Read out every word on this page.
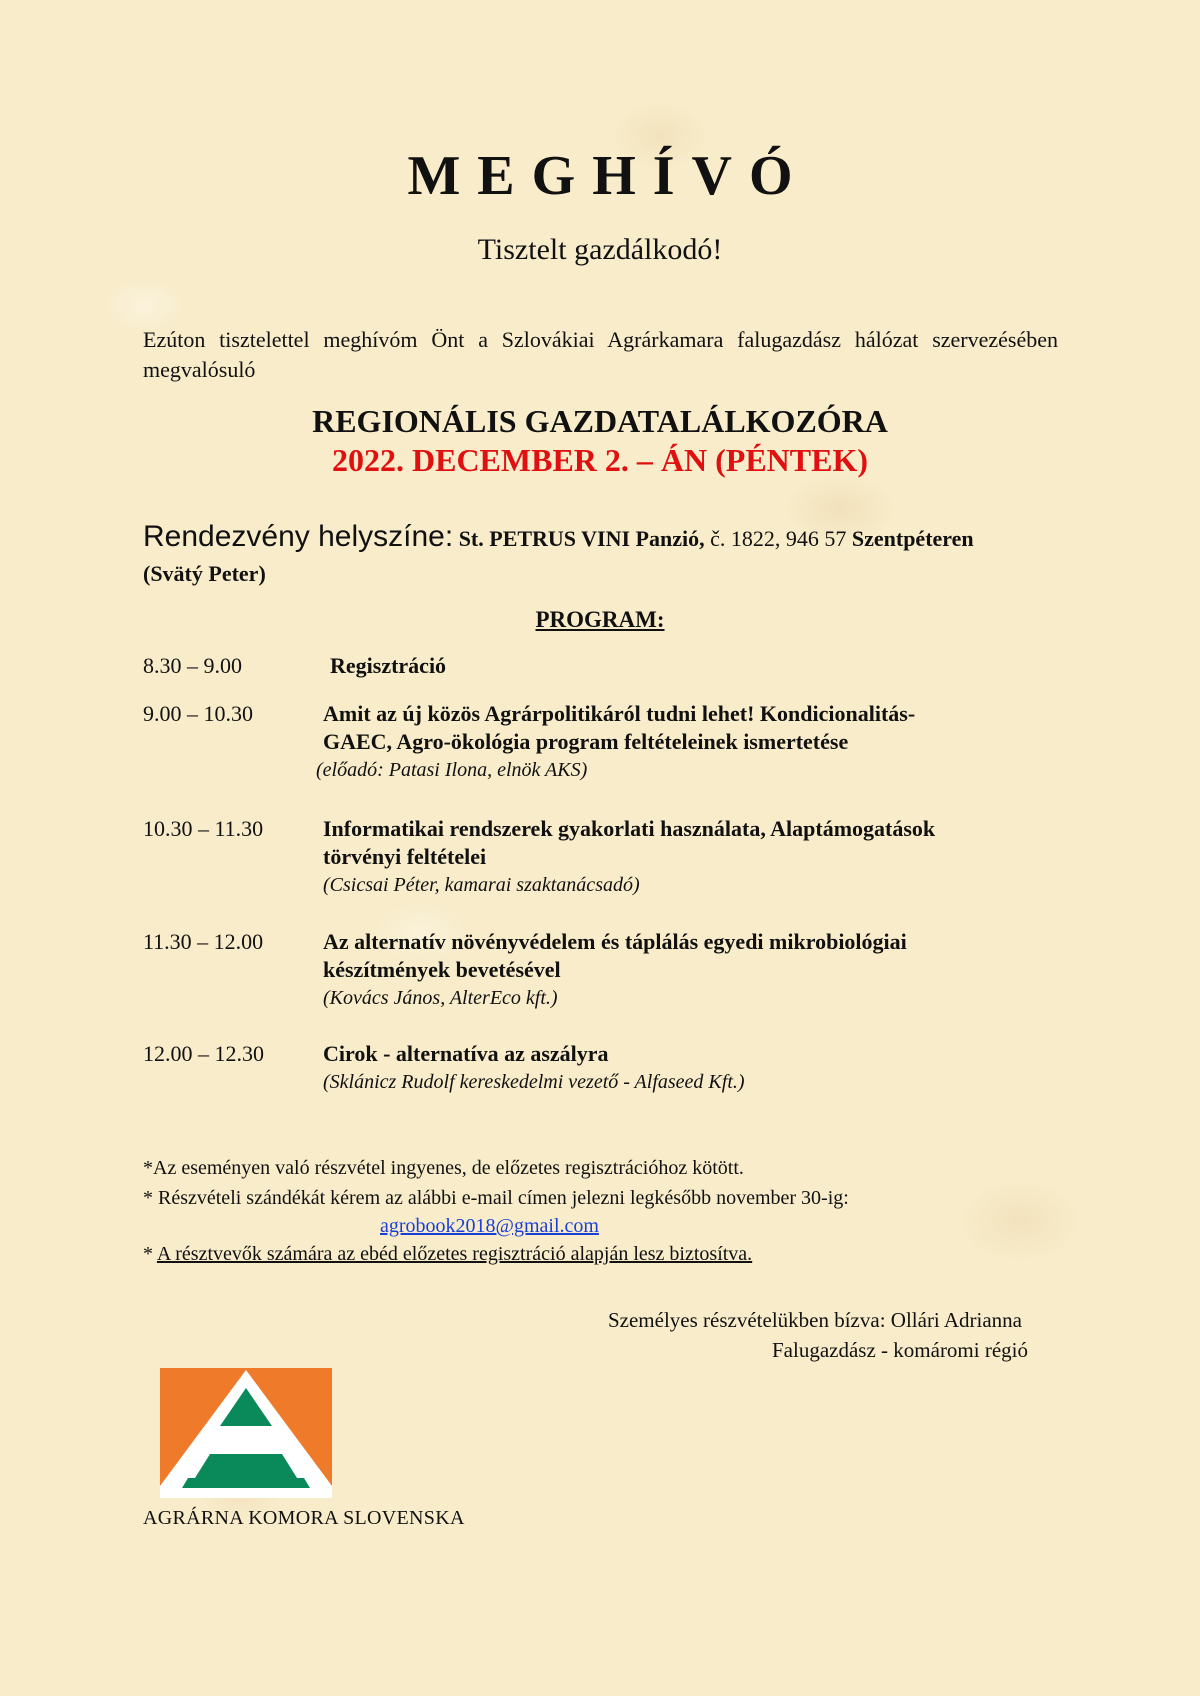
MEGHÍVÓ
Tisztelt gazdálkodó!
Ezúton tisztelettel meghívóm Önt a Szlovákiai Agrárkamara falugazdász hálózat szervezésében megvalósuló
REGIONÁLIS GAZDATALÁLKOZÓRA
2022. DECEMBER 2. – ÁN (PÉNTEK)
Rendezvény helyszíne: St. PETRUS VINI Panzió, č. 1822, 946 57 Szentpéteren
(Svätý Peter)
PROGRAM:
8.30 – 9.00	Regisztráció
9.00 – 10.30	Amit az új közös Agrárpolitikáról tudni lehet! Kondicionalitás-
GAEC, Agro-ökológia program feltételeinek ismertetése
(előadó: Patasi Ilona, elnök AKS)
10.30 – 11.30	Informatikai rendszerek gyakorlati használata, Alaptámogatások
törvényi feltételei
(Csicsai Péter, kamarai szaktanácsadó)
11.30 – 12.00	Az alternatív növényvédelem és táplálás egyedi mikrobiológiai
készítmények bevetésével
(Kovács János, AlterEco kft.)
12.00 – 12.30	Cirok - alternatíva az aszályra
(Sklánicz Rudolf kereskedelmi vezető - Alfaseed Kft.)
*Az eseményen való részvétel ingyenes, de előzetes regisztrációhoz kötött.
* Részvételi szándékát kérem az alábbi e-mail címen jelezni legkésőbb november 30-ig:
agrobook2018@gmail.com
* A résztvevők számára az ebéd előzetes regisztráció alapján lesz biztosítva.
Személyes részvételükben bízva: Ollári Adrianna
Falugazdász - komáromi régió
AGRÁRNA KOMORA SLOVENSKA
